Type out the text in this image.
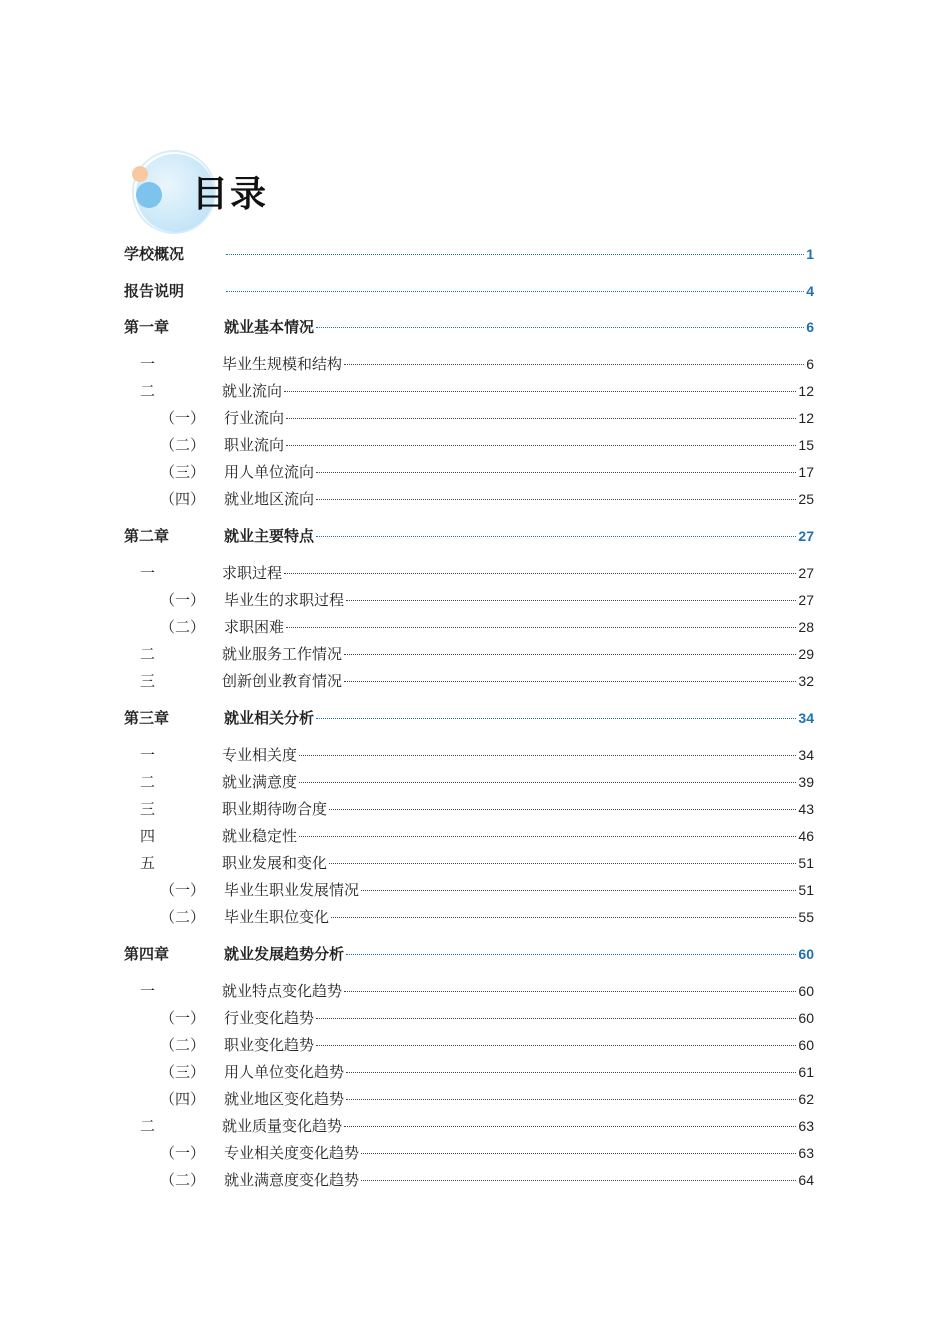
目录
学校概况	1
报告说明	4
第一章	就业基本情况	6
一	毕业生规模和结构	6
二	就业流向	12
（一） 行业流向	12
（二） 职业流向	15
（三） 用人单位流向	17
（四） 就业地区流向	25
第二章	就业主要特点	27
一	求职过程	27
（一） 毕业生的求职过程	27
（二） 求职困难	28
二	就业服务工作情况	29
三	创新创业教育情况	32
第三章	就业相关分析	34
一	专业相关度	34
二	就业满意度	39
三	职业期待吻合度	43
四	就业稳定性	46
五	职业发展和变化	51
（一） 毕业生职业发展情况	51
（二） 毕业生职位变化	55
第四章	就业发展趋势分析	60
一	就业特点变化趋势	60
（一） 行业变化趋势	60
（二） 职业变化趋势	60
（三） 用人单位变化趋势	61
（四） 就业地区变化趋势	62
二	就业质量变化趋势	63
（一） 专业相关度变化趋势	63
（二） 就业满意度变化趋势	64
